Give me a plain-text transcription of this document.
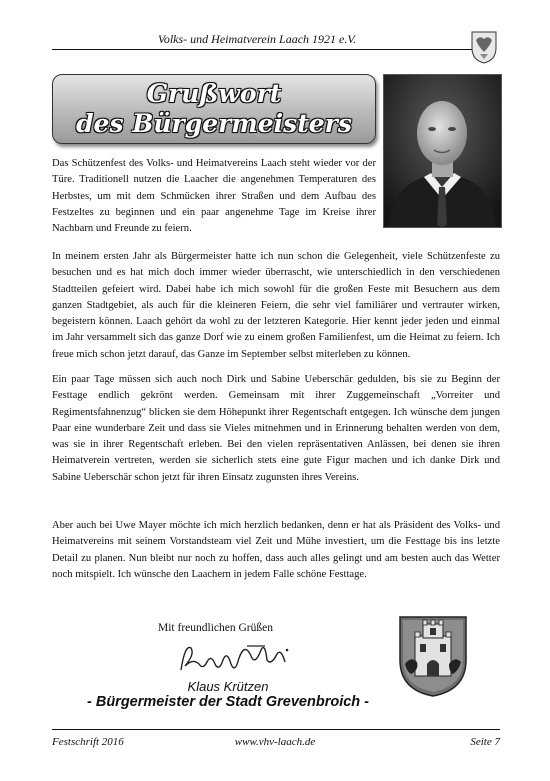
Volks- und Heimatverein Laach 1921 e.V.
Grußwort
des Bürgermeisters

Das Schützenfest des Volks- und Heimatvereins Laach steht wieder vor der Türe. Traditionell nutzen die Laacher die angenehmen Temperaturen des Herbstes, um mit dem Schmücken ihrer Straßen und dem Aufbau des Festzeltes zu beginnen und ein paar angenehme Tage im Kreise ihrer Nachbarn und Freunde zu feiern.

In meinem ersten Jahr als Bürgermeister hatte ich nun schon die Gelegenheit, viele Schützenfeste zu besuchen und es hat mich doch immer wieder überrascht, wie unterschiedlich in den verschiedenen Stadtteilen gefeiert wird. Dabei habe ich mich sowohl für die großen Feste mit Besuchern aus dem ganzen Stadtgebiet, als auch für die kleineren Feiern, die sehr viel familiärer und vertrauter wirken, begeistern können. Laach gehört da wohl zu der letzteren Kategorie. Hier kennt jeder jeden und einmal im Jahr versammelt sich das ganze Dorf wie zu einem großen Familienfest, um die Heimat zu feiern. Ich freue mich schon jetzt darauf, das Ganze im September selbst miterleben zu können.

Ein paar Tage müssen sich auch noch Dirk und Sabine Ueberschär gedulden, bis sie zu Beginn der Festtage endlich gekrönt werden. Gemeinsam mit ihrer Zuggemeinschaft „Vorreiter und Regimentsfahnenzug“ blicken sie dem Höhepunkt ihrer Regentschaft entgegen. Ich wünsche dem jungen Paar eine wunderbare Zeit und dass sie Vieles mitnehmen und in Erinnerung behalten werden von dem, was sie in ihrer Regentschaft erleben. Bei den vielen repräsentativen Anlässen, bei denen sie ihren Heimatverein vertreten, werden sie sicherlich stets eine gute Figur machen und ich danke Dirk und Sabine Ueberschär schon jetzt für ihren Einsatz zugunsten ihres Vereins.

Aber auch bei Uwe Mayer möchte ich mich herzlich bedanken, denn er hat als Präsident des Volks- und Heimatvereins mit seinem Vorstandsteam viel Zeit und Mühe investiert, um die Festtage bis ins letzte Detail zu planen. Nun bleibt nur noch zu hoffen, dass auch alles gelingt und am besten auch das Wetter noch mitspielt. Ich wünsche den Laachern in jedem Falle schöne Festtage.

Mit freundlichen Grüßen
Klaus Krützen
- Bürgermeister der Stadt Grevenbroich -
Festschrift 2016	www.vhv-laach.de	Seite 7
